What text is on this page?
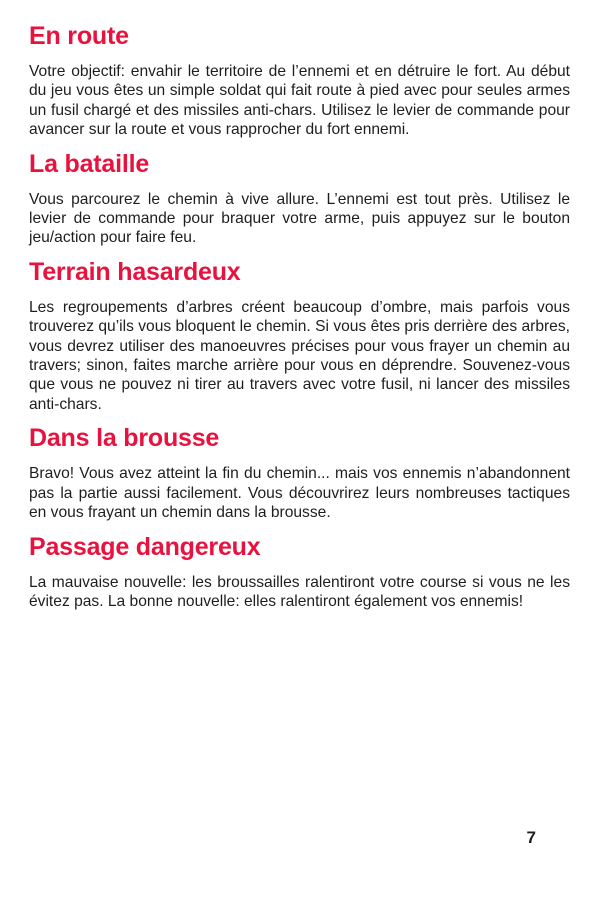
En route

Votre objectif: envahir le territoire de l’ennemi et en détruire le fort. Au début du jeu vous êtes un simple soldat qui fait route à pied avec pour seules armes un fusil chargé et des missiles anti-chars. Utilisez le levier de commande pour avancer sur la route et vous rapprocher du fort ennemi.

La bataille

Vous parcourez le chemin à vive allure. L’ennemi est tout près. Utilisez le levier de commande pour braquer votre arme, puis appuyez sur le bouton jeu/action pour faire feu.

Terrain hasardeux

Les regroupements d’arbres créent beaucoup d’ombre, mais parfois vous trouverez qu’ils vous bloquent le chemin. Si vous êtes pris derrière des arbres, vous devrez utiliser des manoeuvres précises pour vous frayer un chemin au travers; sinon, faites marche arrière pour vous en déprendre. Souvenez-vous que vous ne pouvez ni tirer au travers avec votre fusil, ni lancer des missiles anti-chars.

Dans la brousse

Bravo! Vous avez atteint la fin du chemin... mais vos ennemis n’abandonnent pas la partie aussi facilement. Vous découvrirez leurs nombreuses tactiques en vous frayant un chemin dans la brousse.

Passage dangereux

La mauvaise nouvelle: les broussailles ralentiront votre course si vous ne les évitez pas. La bonne nouvelle: elles ralentiront également vos ennemis!

7
